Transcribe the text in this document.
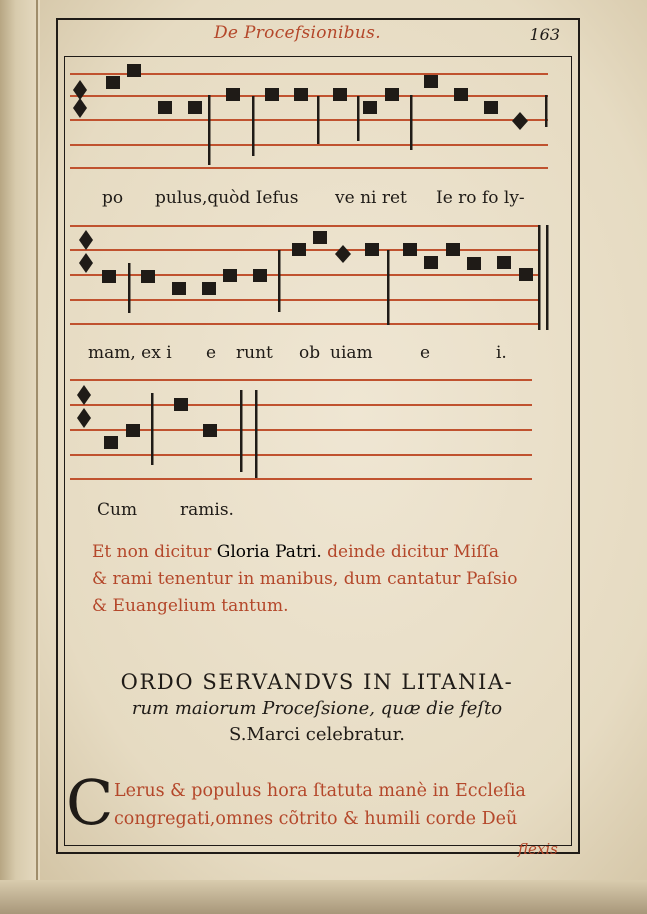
De Procefsionibus.	163
po pulus,quòd Iefus ve ni ret Ie ro fo ly-
mam, ex i e runt ob uiam	e	i.
Cum	ramis.
Et non dicitur Gloria Patri. deinde dicitur Miſſa
& rami tenentur in manibus, dum cantatur Paſsio
& Euangelium tantum.
ORDO SERVANDVS IN LITANIA-
rum maiorum Proceſsione, quæ die feſto
S.Marci celebratur.
C Lerus & populus hora ſtatuta manè in Eccleſia
congregati,omnes cõtrito & humili corde Deũ
flexis
